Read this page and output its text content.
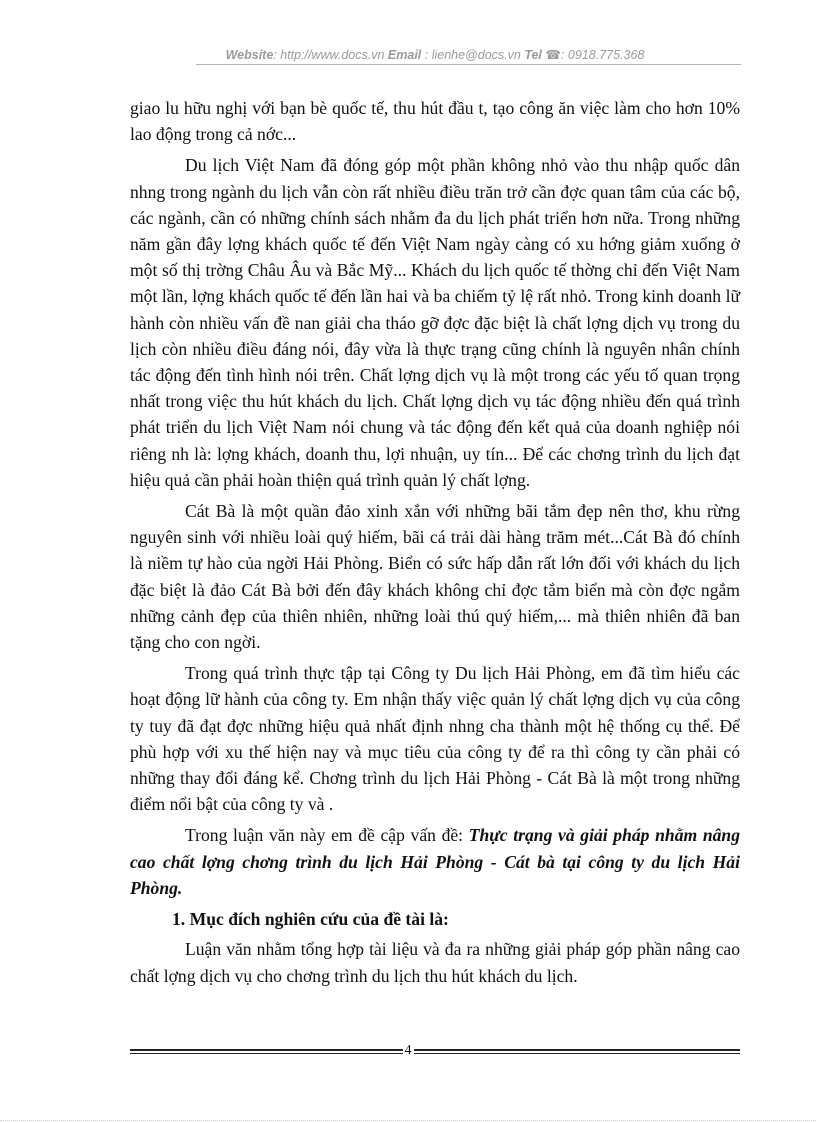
Website: http://www.docs.vn Email : lienhe@docs.vn Tel ☎: 0918.775.368

giao lu hữu nghị với bạn bè quốc tế, thu hút đầu t, tạo công ăn việc làm cho hơn 10% lao động trong cả nớc...

Du lịch Việt Nam đã đóng góp một phần không nhỏ vào thu nhập quốc dân nhng trong ngành du lịch vẫn còn rất nhiều điều trăn trở cần đợc quan tâm của các bộ, các ngành, cần có những chính sách nhằm đa du lịch phát triển hơn nữa. Trong những năm gần đây lợng khách quốc tế đến Việt Nam ngày càng có xu hớng giảm xuống ở một số thị trờng Châu Âu và Bắc Mỹ... Khách du lịch quốc tế thờng chỉ đến Việt Nam một lần, lợng khách quốc tế đến lần hai và ba chiếm tỷ lệ rất nhỏ. Trong kinh doanh lữ hành còn nhiều vấn đề nan giải cha tháo gỡ đợc đặc biệt là chất lợng dịch vụ trong du lịch còn nhiều điều đáng nói, đây vừa là thực trạng cũng chính là nguyên nhân chính tác động đến tình hình nói trên. Chất lợng dịch vụ là một trong các yếu tố quan trọng nhất trong việc thu hút khách du lịch. Chất lợng dịch vụ tác động nhiều đến quá trình phát triển du lịch Việt Nam nói chung và tác động đến kết quả của doanh nghiệp nói riêng nh là: lợng khách, doanh thu, lợi nhuận, uy tín... Để các chơng trình du lịch đạt hiệu quả cần phải hoàn thiện quá trình quản lý chất lợng.

Cát Bà là một quần đảo xinh xắn với những bãi tắm đẹp nên thơ, khu rừng nguyên sinh với nhiều loài quý hiếm, bãi cá trải dài hàng trăm mét...Cát Bà đó chính là niềm tự hào của ngời Hải Phòng. Biển có sức hấp dẫn rất lớn đối với khách du lịch đặc biệt là đảo Cát Bà bởi đến đây khách không chỉ đợc tắm biển mà còn đợc ngắm những cảnh đẹp của thiên nhiên, những loài thú quý hiếm,... mà thiên nhiên đã ban tặng cho con ngời.

Trong quá trình thực tập tại Công ty Du lịch Hải Phòng, em đã tìm hiểu các hoạt động lữ hành của công ty. Em nhận thấy việc quản lý chất lợng dịch vụ của công ty tuy đã đạt đợc những hiệu quả nhất định nhng cha thành một hệ thống cụ thể. Để phù hợp với xu thế hiện nay và mục tiêu của công ty để ra thì công ty cần phải có những thay đổi đáng kể. Chơng trình du lịch Hải Phòng - Cát Bà là một trong những điểm nổi bật của công ty và .

Trong luận văn này em đề cập vấn đề: Thực trạng và giải pháp nhằm nâng cao chất lợng chơng trình du lịch Hải Phòng - Cát bà tại công ty du lịch Hải Phòng.

1. Mục đích nghiên cứu của đề tài là:

Luận văn nhằm tổng hợp tài liệu và đa ra những giải pháp góp phần nâng cao chất lợng dịch vụ cho chơng trình du lịch thu hút khách du lịch.

4
